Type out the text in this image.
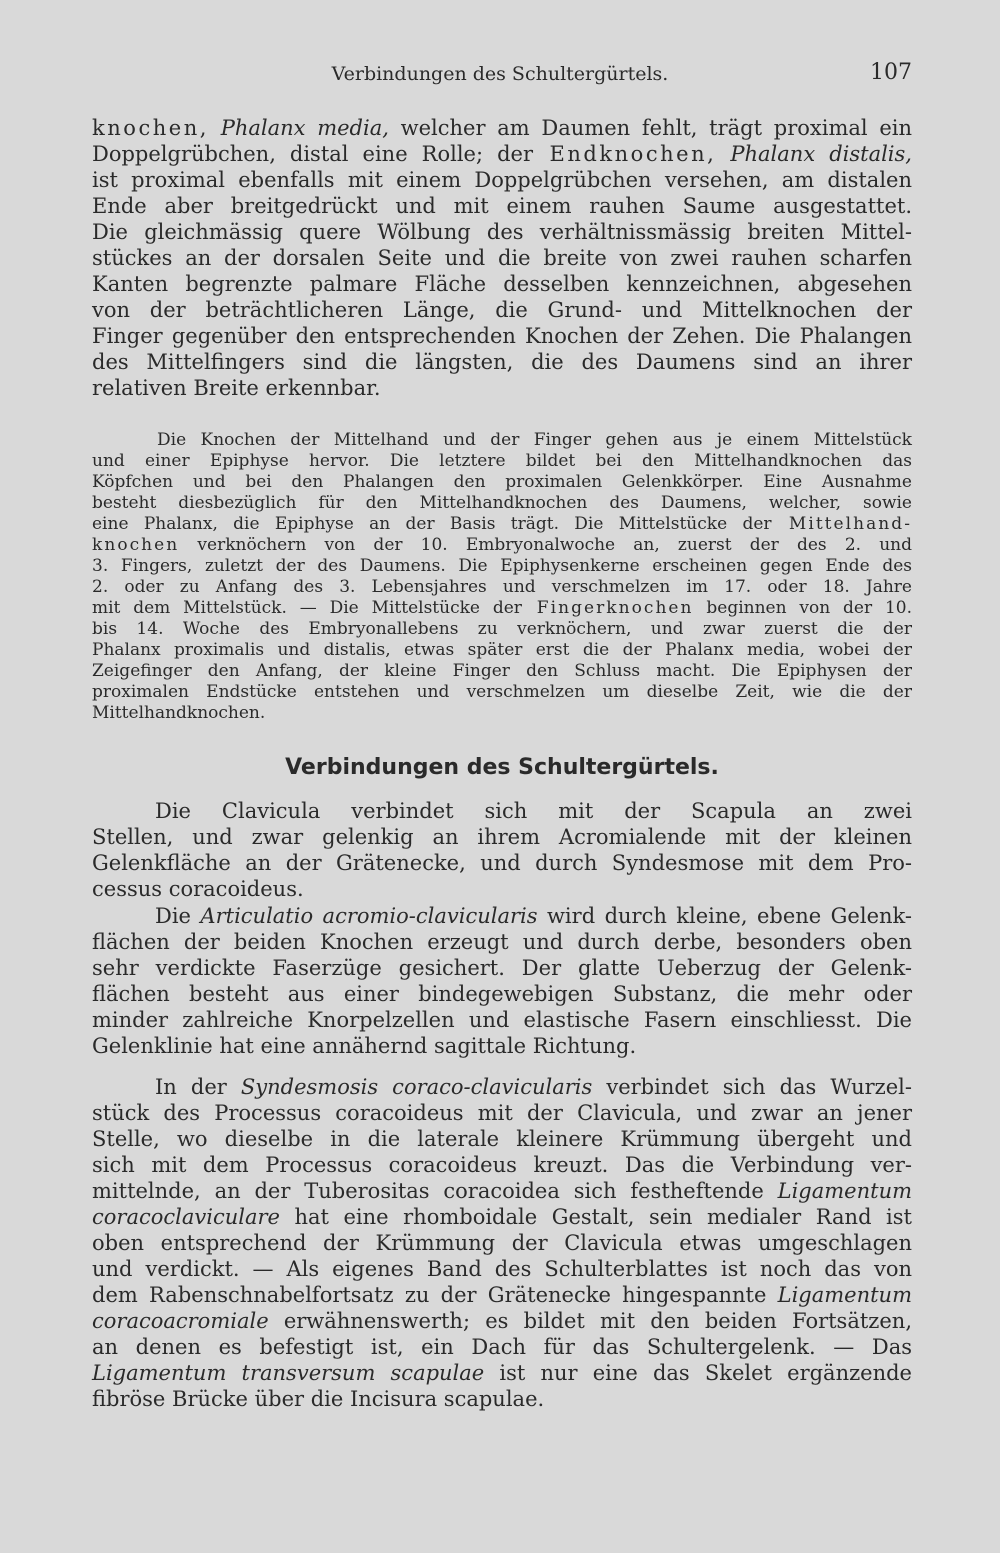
Verbindungen des Schultergürtels.	107
knochen, Phalanx media, welcher am Daumen fehlt, trägt proximal ein
Doppelgrübchen, distal eine Rolle; der Endknochen, Phalanx distalis,
ist proximal ebenfalls mit einem Doppelgrübchen versehen, am distalen
Ende aber breitgedrückt und mit einem rauhen Saume ausgestattet.
Die gleichmässig quere Wölbung des verhältnissmässig breiten Mittel-
stückes an der dorsalen Seite und die breite von zwei rauhen scharfen
Kanten begrenzte palmare Fläche desselben kennzeichnen, abgesehen
von der beträchtlicheren Länge, die Grund- und Mittelknochen der
Finger gegenüber den entsprechenden Knochen der Zehen. Die Phalangen
des Mittelfingers sind die längsten, die des Daumens sind an ihrer
relativen Breite erkennbar.
Die Knochen der Mittelhand und der Finger gehen aus je einem Mittelstück
und einer Epiphyse hervor. Die letztere bildet bei den Mittelhandknochen das
Köpfchen und bei den Phalangen den proximalen Gelenkkörper. Eine Ausnahme
besteht diesbezüglich für den Mittelhandknochen des Daumens, welcher, sowie
eine Phalanx, die Epiphyse an der Basis trägt. Die Mittelstücke der Mittelhand-
knochen verknöchern von der 10. Embryonalwoche an, zuerst der des 2. und
3. Fingers, zuletzt der des Daumens. Die Epiphysenkerne erscheinen gegen Ende des
2. oder zu Anfang des 3. Lebensjahres und verschmelzen im 17. oder 18. Jahre
mit dem Mittelstück. — Die Mittelstücke der Fingerknochen beginnen von der 10.
bis 14. Woche des Embryonallebens zu verknöchern, und zwar zuerst die der
Phalanx proximalis und distalis, etwas später erst die der Phalanx media, wobei der
Zeigefinger den Anfang, der kleine Finger den Schluss macht. Die Epiphysen der
proximalen Endstücke entstehen und verschmelzen um dieselbe Zeit, wie die der
Mittelhandknochen.
Verbindungen des Schultergürtels.
Die Clavicula verbindet sich mit der Scapula an zwei
Stellen, und zwar gelenkig an ihrem Acromialende mit der kleinen
Gelenkfläche an der Grätenecke, und durch Syndesmose mit dem Pro-
cessus coracoideus.
Die Articulatio acromio-clavicularis wird durch kleine, ebene Gelenk-
flächen der beiden Knochen erzeugt und durch derbe, besonders oben
sehr verdickte Faserzüge gesichert. Der glatte Ueberzug der Gelenk-
flächen besteht aus einer bindegewebigen Substanz, die mehr oder
minder zahlreiche Knorpelzellen und elastische Fasern einschliesst. Die
Gelenklinie hat eine annähernd sagittale Richtung.
In der Syndesmosis coraco-clavicularis verbindet sich das Wurzel-
stück des Processus coracoideus mit der Clavicula, und zwar an jener
Stelle, wo dieselbe in die laterale kleinere Krümmung übergeht und
sich mit dem Processus coracoideus kreuzt. Das die Verbindung ver-
mittelnde, an der Tuberositas coracoidea sich festheftende Ligamentum
coracoclaviculare hat eine rhomboidale Gestalt, sein medialer Rand ist
oben entsprechend der Krümmung der Clavicula etwas umgeschlagen
und verdickt. — Als eigenes Band des Schulterblattes ist noch das von
dem Rabenschnabelfortsatz zu der Grätenecke hingespannte Ligamentum
coracoacromiale erwähnenswerth; es bildet mit den beiden Fortsätzen,
an denen es befestigt ist, ein Dach für das Schultergelenk. — Das
Ligamentum transversum scapulae ist nur eine das Skelet ergänzende
fibröse Brücke über die Incisura scapulae.
